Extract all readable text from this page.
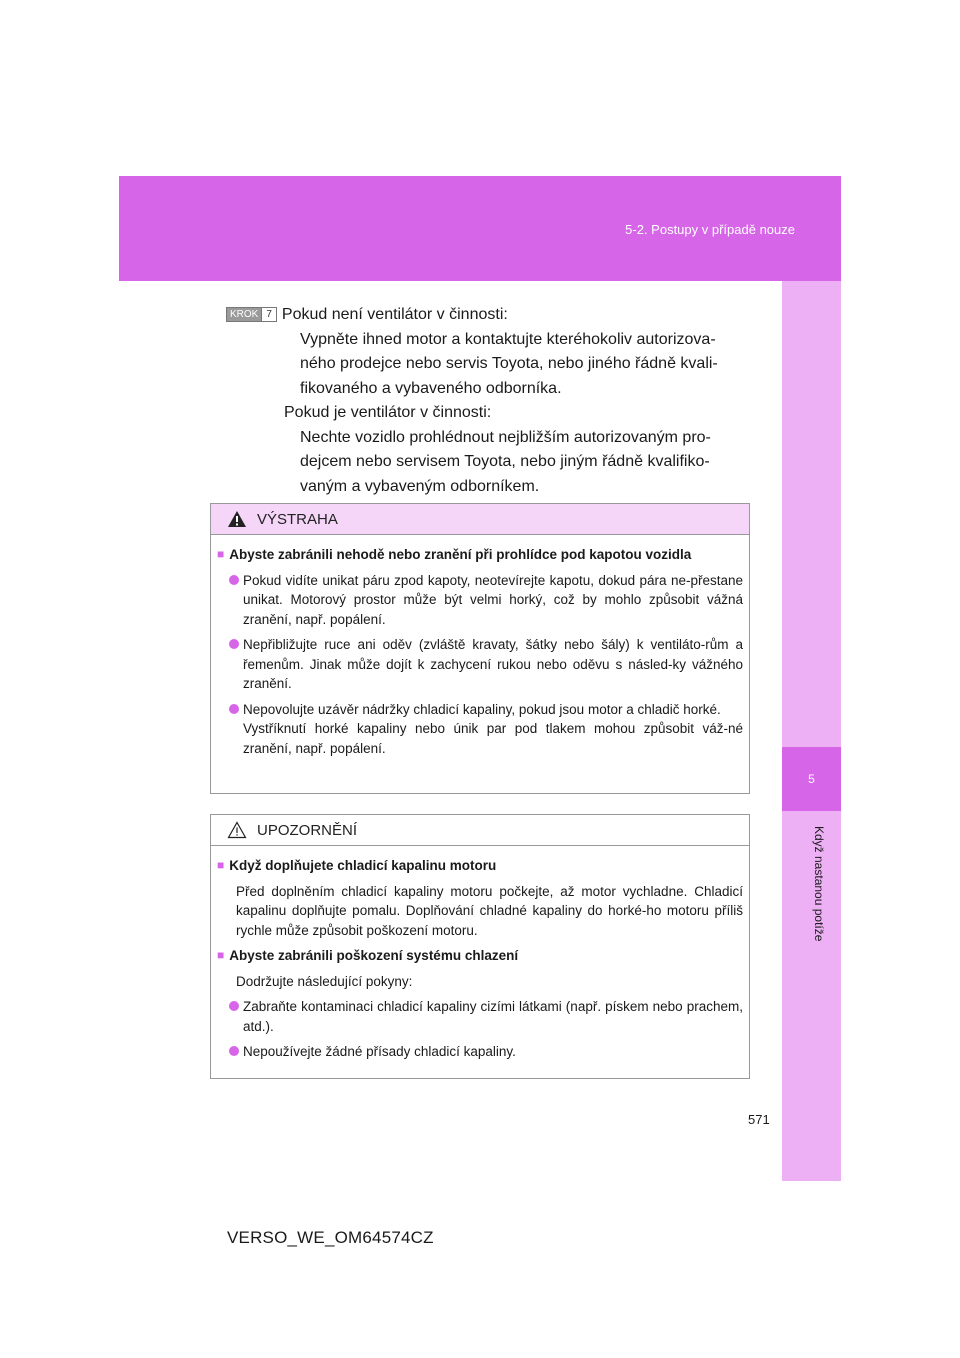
5-2. Postupy v případě nouze
5
Když nastanou potíže
KROK 7 Pokud není ventilátor v činnosti:
Vypněte ihned motor a kontaktujte kteréhokoliv autorizova-
ného prodejce nebo servis Toyota, nebo jiného řádně kvali-
fikovaného a vybaveného odborníka.
Pokud je ventilátor v činnosti:
Nechte vozidlo prohlédnout nejbližším autorizovaným pro-
dejcem nebo servisem Toyota, nebo jiným řádně kvalifiko-
vaným a vybaveným odborníkem.
VÝSTRAHA
■ Abyste zabránili nehodě nebo zranění při prohlídce pod kapotou vozidla
Pokud vidíte unikat páru zpod kapoty, neotevírejte kapotu, dokud pára ne-přestane unikat. Motorový prostor může být velmi horký, což by mohlo způsobit vážná zranění, např. popálení.
Nepřibližujte ruce ani oděv (zvláště kravaty, šátky nebo šály) k ventiláto-rům a řemenům. Jinak může dojít k zachycení rukou nebo oděvu s násled-ky vážného zranění.
Nepovolujte uzávěr nádržky chladicí kapaliny, pokud jsou motor a chladič horké.
Vystříknutí horké kapaliny nebo únik par pod tlakem mohou způsobit váž-né zranění, např. popálení.
UPOZORNĚNÍ
■ Když doplňujete chladicí kapalinu motoru
Před doplněním chladicí kapaliny motoru počkejte, až motor vychladne. Chladicí kapalinu doplňujte pomalu. Doplňování chladné kapaliny do horké-ho motoru příliš rychle může způsobit poškození motoru.
■ Abyste zabránili poškození systému chlazení
Dodržujte následující pokyny:
Zabraňte kontaminaci chladicí kapaliny cizími látkami (např. pískem nebo prachem, atd.).
Nepoužívejte žádné přísady chladicí kapaliny.
571
VERSO_WE_OM64574CZ
